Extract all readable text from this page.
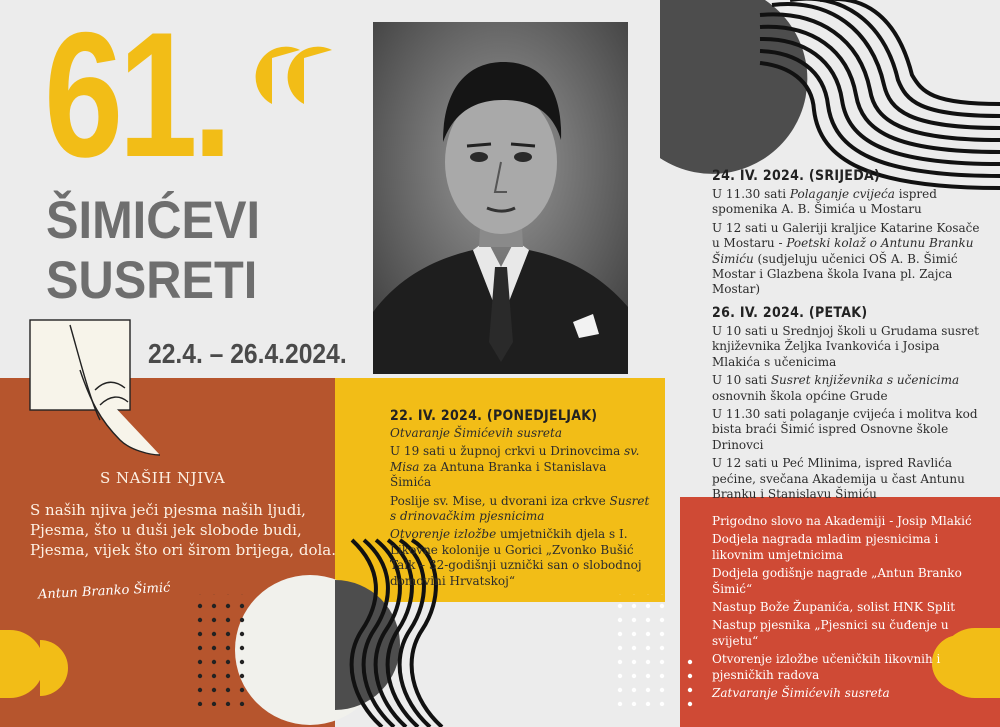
61.
ŠIMIĆEVI
SUSRETI
22.4. – 26.4.2024.
S NAŠIH NJIVA
S naših njiva ječi pjesma naših ljudi,
Pjesma, što u duši jek slobode budi,
Pjesma, vijek što ori širom brijega, dola.
Antun Branko Šimić
22. IV. 2024. (PONEDJELJAK)
Otvaranje Šimićevih susreta
U 19 sati u župnoj crkvi u Drinovcima sv. Misa za Antuna Branka i Stanislava Šimića
Poslije sv. Mise, u dvorani iza crkve Susret s drinovačkim pjesnicima
Otvorenje izložbe umjetničkih djela s I. Likovne kolonije u Gorici „Zvonko Bušić Taik – 32-godišnji uznički san o slobodnoj domovini Hrvatskoj“
24. IV. 2024. (SRIJEDA)
U 11.30 sati Polaganje cvijeća ispred spomenika A. B. Šimića u Mostaru
U 12 sati u Galeriji kraljice Katarine Kosače u Mostaru - Poetski kolaž o Antunu Branku Šimiću (sudjeluju učenici OŠ A. B. Šimić Mostar i Glazbena škola Ivana pl. Zajca Mostar)
26. IV. 2024. (PETAK)
U 10 sati u Srednjoj školi u Grudama susret književnika Željka Ivankovića i Josipa Mlakića s učenicima
U 10 sati Susret književnika s učenicima osnovnih škola općine Grude
U 11.30 sati polaganje cvijeća i molitva kod bista braći Šimić ispred Osnovne škole Drinovci
U 12 sati u Peć Mlinima, ispred Ravlića pećine, svečana Akademija u čast Antunu Branku i Stanislavu Šimiću
Prigodno slovo na Akademiji - Josip Mlakić
Dodjela nagrada mladim pjesnicima i likovnim umjetnicima
Dodjela godišnje nagrade „Antun Branko Šimić“
Nastup Bože Županića, solist HNK Split
Nastup pjesnika „Pjesnici su čuđenje u svijetu“
Otvorenje izložbe učeničkih likovnih i pjesničkih radova
Zatvaranje Šimićevih susreta
